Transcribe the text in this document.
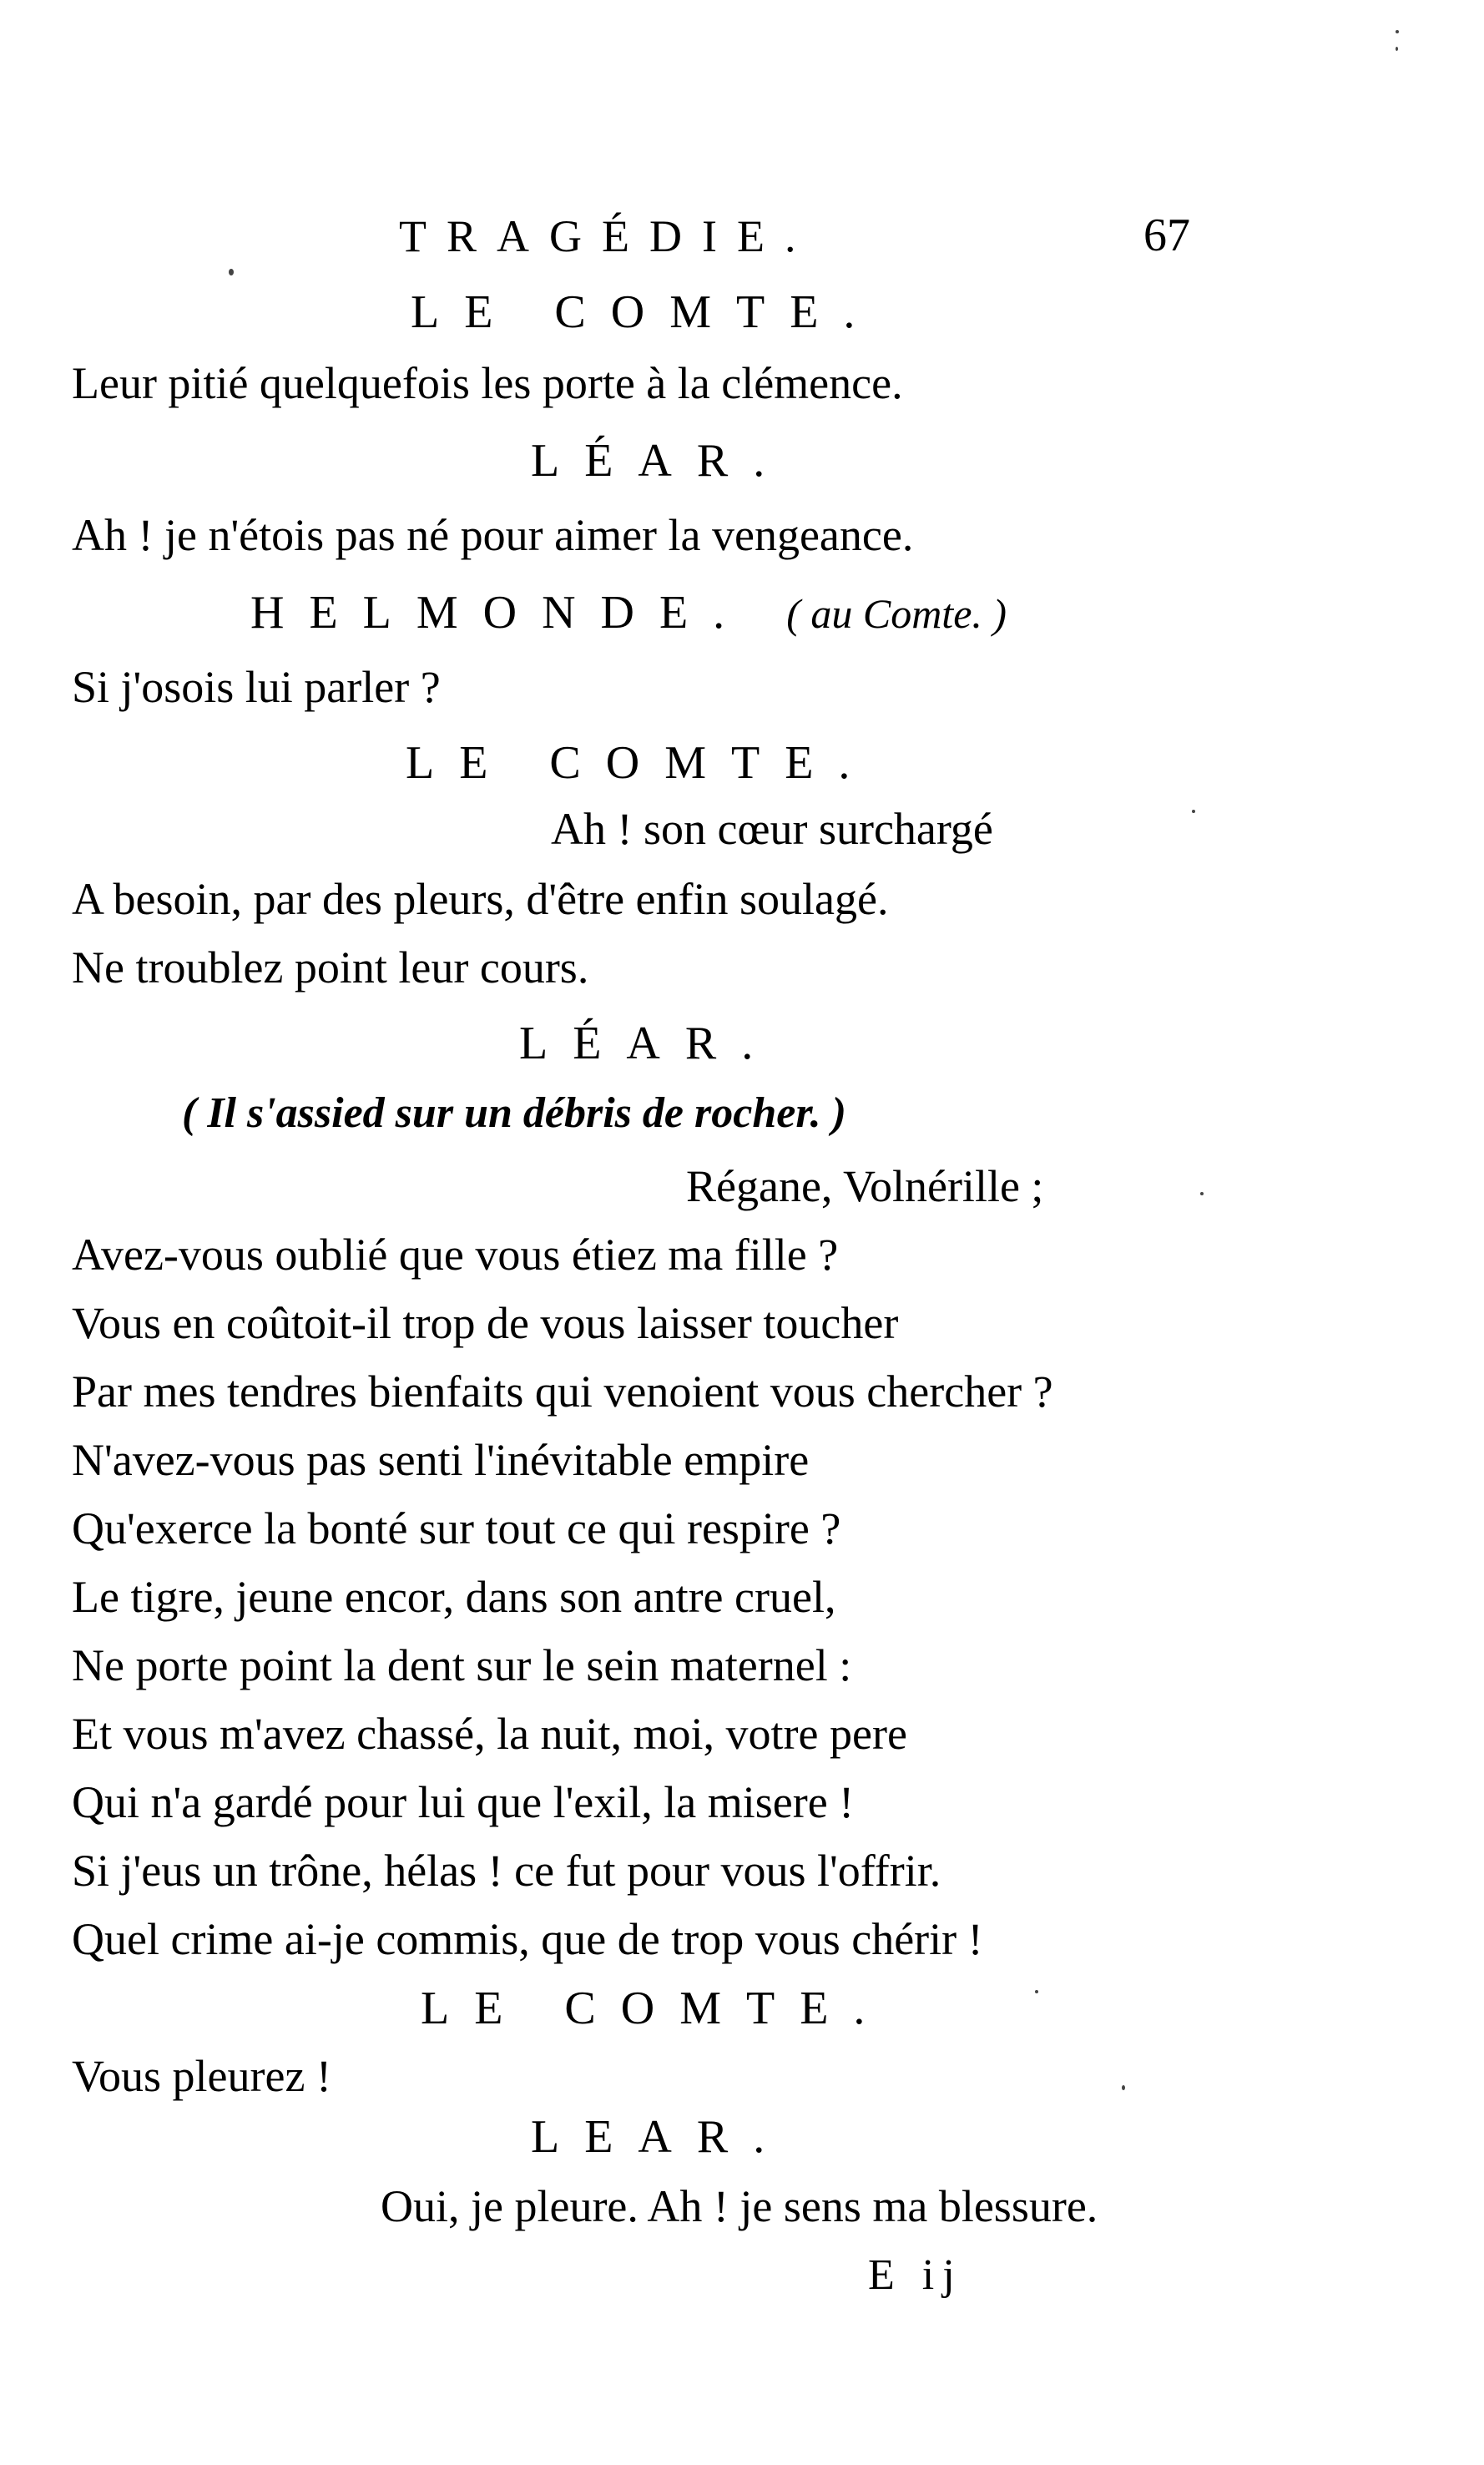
TRAGÉDIE.	67
LE COMTE.
Leur pitié quelquefois les porte à la clémence.
LÉAR.
Ah ! je n'étois pas né pour aimer la vengeance.
HELMONDE. ( au Comte. )
Si j'osois lui parler ?
LE COMTE.
Ah ! son cœur surchargé
A besoin, par des pleurs, d'être enfin soulagé.
Ne troublez point leur cours.
LÉAR.
( Il s'assied sur un débris de rocher. )
Régane, Volnérille ;
Avez-vous oublié que vous étiez ma fille ?
Vous en coûtoit-il trop de vous laisser toucher
Par mes tendres bienfaits qui venoient vous chercher ?
N'avez-vous pas senti l'inévitable empire
Qu'exerce la bonté sur tout ce qui respire ?
Le tigre, jeune encor, dans son antre cruel,
Ne porte point la dent sur le sein maternel :
Et vous m'avez chassé, la nuit, moi, votre pere
Qui n'a gardé pour lui que l'exil, la misere !
Si j'eus un trône, hélas ! ce fut pour vous l'offrir.
Quel crime ai-je commis, que de trop vous chérir !
LE COMTE.
Vous pleurez !
LEAR.
Oui, je pleure. Ah ! je sens ma blessure.
E ij
